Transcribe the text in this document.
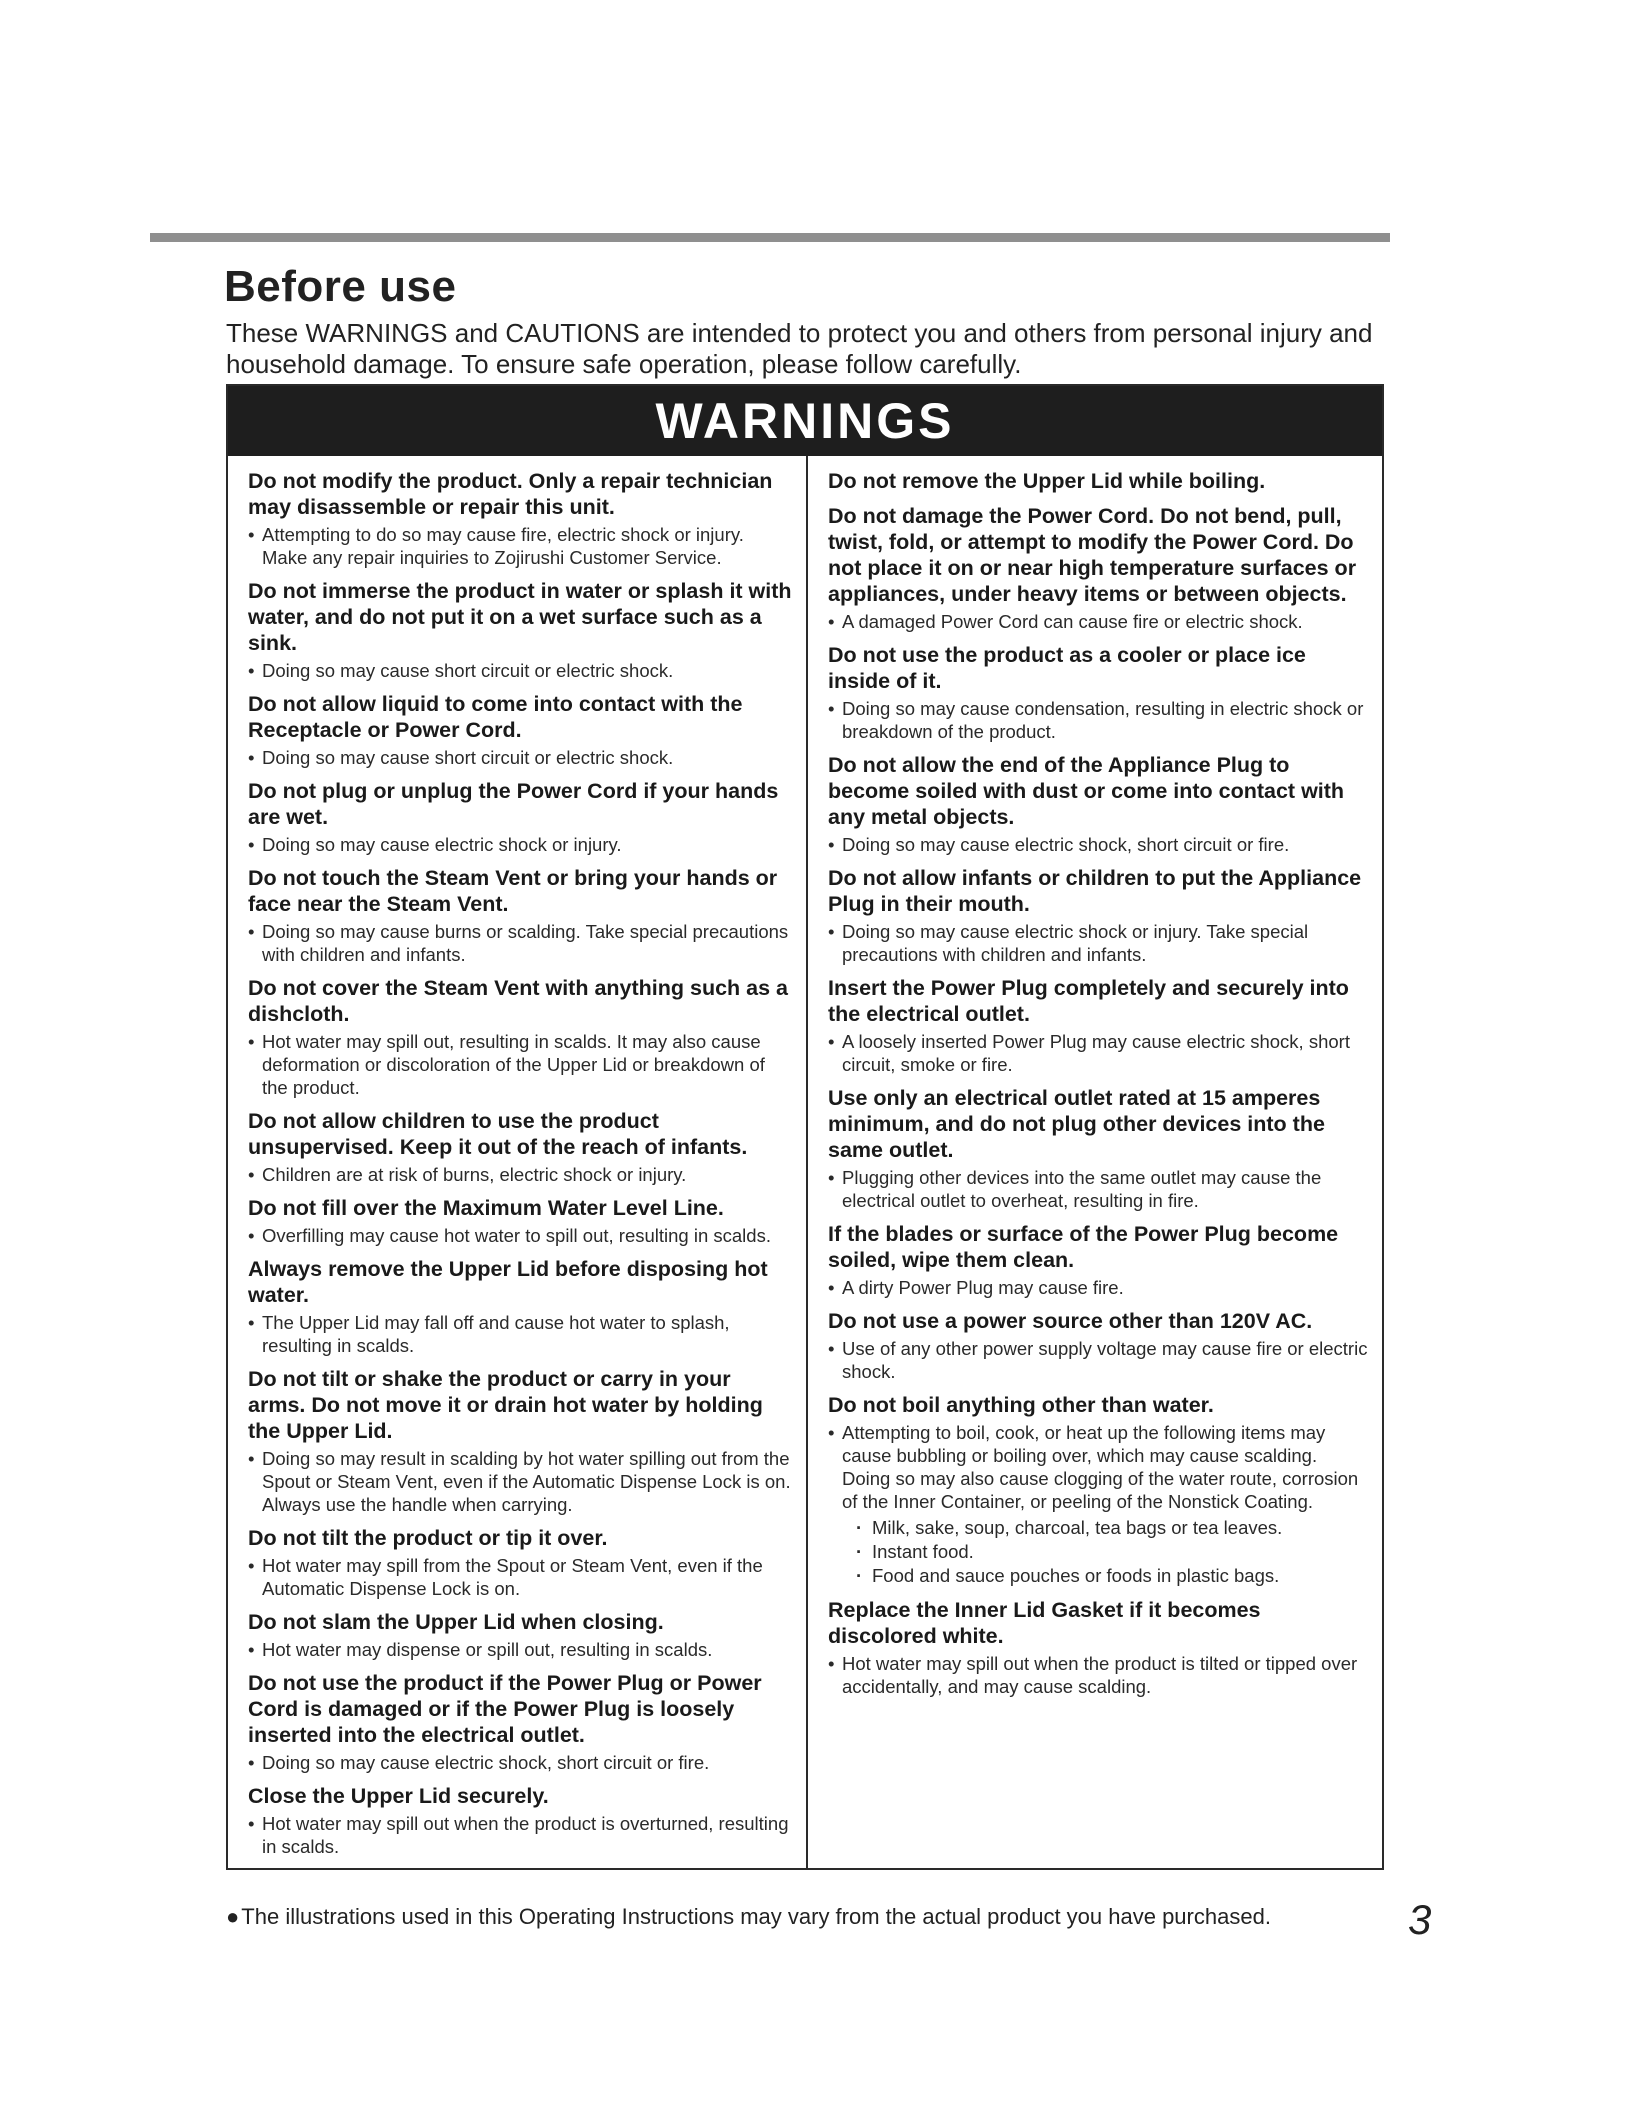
Before use
These WARNINGS and CAUTIONS are intended to protect you and others from personal injury and household damage. To ensure safe operation, please follow carefully.
WARNINGS
Do not modify the product. Only a repair technician may disassemble or repair this unit.
• Attempting to do so may cause fire, electric shock or injury. Make any repair inquiries to Zojirushi Customer Service.
Do not immerse the product in water or splash it with water, and do not put it on a wet surface such as a sink.
• Doing so may cause short circuit or electric shock.
Do not allow liquid to come into contact with the Receptacle or Power Cord.
• Doing so may cause short circuit or electric shock.
Do not plug or unplug the Power Cord if your hands are wet.
• Doing so may cause electric shock or injury.
Do not touch the Steam Vent or bring your hands or face near the Steam Vent.
• Doing so may cause burns or scalding. Take special precautions with children and infants.
Do not cover the Steam Vent with anything such as a dishcloth.
• Hot water may spill out, resulting in scalds. It may also cause deformation or discoloration of the Upper Lid or breakdown of the product.
Do not allow children to use the product unsupervised. Keep it out of the reach of infants.
• Children are at risk of burns, electric shock or injury.
Do not fill over the Maximum Water Level Line.
• Overfilling may cause hot water to spill out, resulting in scalds.
Always remove the Upper Lid before disposing hot water.
• The Upper Lid may fall off and cause hot water to splash, resulting in scalds.
Do not tilt or shake the product or carry in your arms. Do not move it or drain hot water by holding the Upper Lid.
• Doing so may result in scalding by hot water spilling out from the Spout or Steam Vent, even if the Automatic Dispense Lock is on. Always use the handle when carrying.
Do not tilt the product or tip it over.
• Hot water may spill from the Spout or Steam Vent, even if the Automatic Dispense Lock is on.
Do not slam the Upper Lid when closing.
• Hot water may dispense or spill out, resulting in scalds.
Do not use the product if the Power Plug or Power Cord is damaged or if the Power Plug is loosely inserted into the electrical outlet.
• Doing so may cause electric shock, short circuit or fire.
Close the Upper Lid securely.
• Hot water may spill out when the product is overturned, resulting in scalds.
Do not remove the Upper Lid while boiling.
Do not damage the Power Cord. Do not bend, pull, twist, fold, or attempt to modify the Power Cord. Do not place it on or near high temperature surfaces or appliances, under heavy items or between objects.
• A damaged Power Cord can cause fire or electric shock.
Do not use the product as a cooler or place ice inside of it.
• Doing so may cause condensation, resulting in electric shock or breakdown of the product.
Do not allow the end of the Appliance Plug to become soiled with dust or come into contact with any metal objects.
• Doing so may cause electric shock, short circuit or fire.
Do not allow infants or children to put the Appliance Plug in their mouth.
• Doing so may cause electric shock or injury. Take special precautions with children and infants.
Insert the Power Plug completely and securely into the electrical outlet.
• A loosely inserted Power Plug may cause electric shock, short circuit, smoke or fire.
Use only an electrical outlet rated at 15 amperes minimum, and do not plug other devices into the same outlet.
• Plugging other devices into the same outlet may cause the electrical outlet to overheat, resulting in fire.
If the blades or surface of the Power Plug become soiled, wipe them clean.
• A dirty Power Plug may cause fire.
Do not use a power source other than 120V AC.
• Use of any other power supply voltage may cause fire or electric shock.
Do not boil anything other than water.
• Attempting to boil, cook, or heat up the following items may cause bubbling or boiling over, which may cause scalding. Doing so may also cause clogging of the water route, corrosion of the Inner Container, or peeling of the Nonstick Coating.
· Milk, sake, soup, charcoal, tea bags or tea leaves.
· Instant food.
· Food and sauce pouches or foods in plastic bags.
Replace the Inner Lid Gasket if it becomes discolored white.
• Hot water may spill out when the product is tilted or tipped over accidentally, and may cause scalding.
●The illustrations used in this Operating Instructions may vary from the actual product you have purchased.	3
